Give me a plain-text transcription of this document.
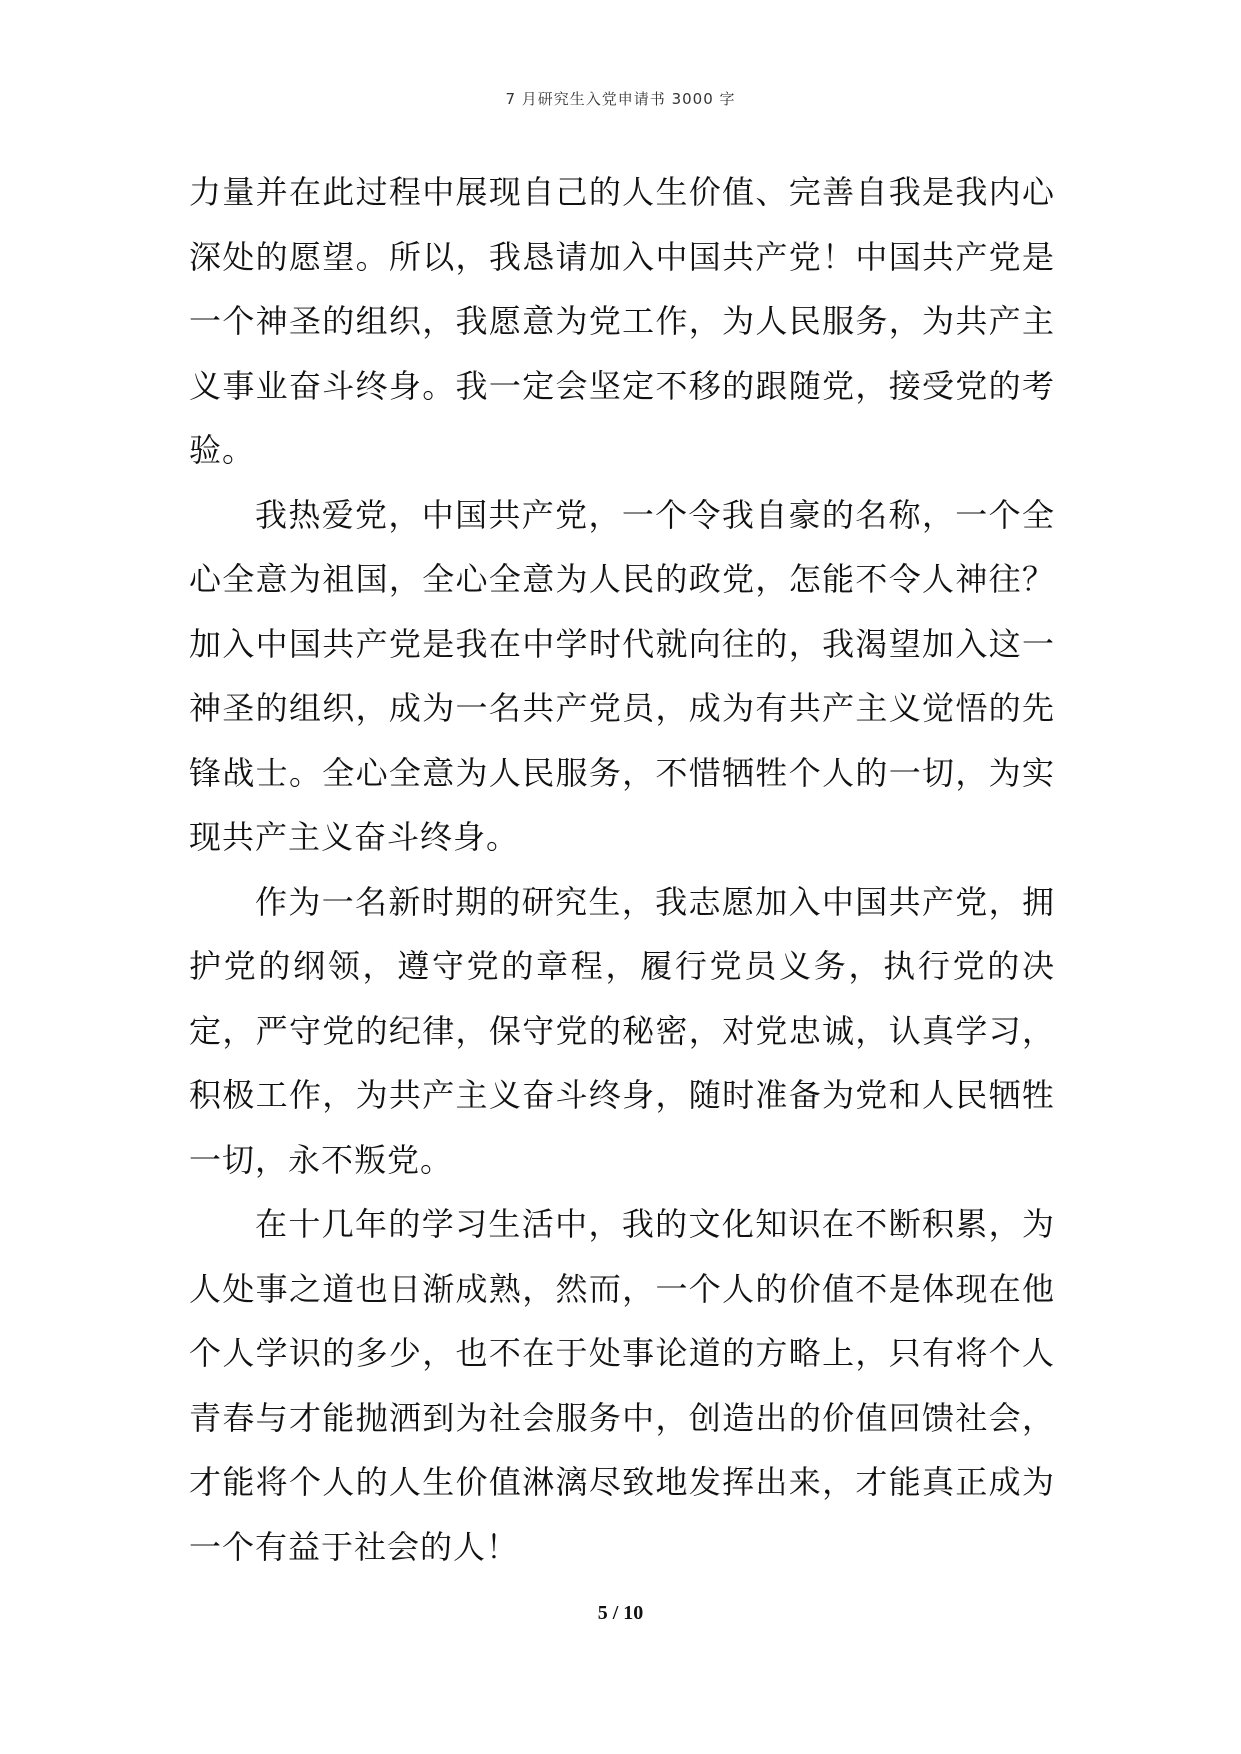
7 月研究生入党申请书 3000 字

力量并在此过程中展现自己的人生价值、完善自我是我内心深处的愿望。所以，我恳请加入中国共产党！中国共产党是一个神圣的组织，我愿意为党工作，为人民服务，为共产主义事业奋斗终身。我一定会坚定不移的跟随党，接受党的考验。

我热爱党，中国共产党，一个令我自豪的名称，一个全心全意为祖国，全心全意为人民的政党，怎能不令人神往？加入中国共产党是我在中学时代就向往的，我渴望加入这一神圣的组织，成为一名共产党员，成为有共产主义觉悟的先锋战士。全心全意为人民服务，不惜牺牲个人的一切，为实现共产主义奋斗终身。

作为一名新时期的研究生，我志愿加入中国共产党，拥护党的纲领，遵守党的章程，履行党员义务，执行党的决定，严守党的纪律，保守党的秘密，对党忠诚，认真学习，积极工作，为共产主义奋斗终身，随时准备为党和人民牺牲一切，永不叛党。

在十几年的学习生活中，我的文化知识在不断积累，为人处事之道也日渐成熟，然而，一个人的价值不是体现在他个人学识的多少，也不在于处事论道的方略上，只有将个人青春与才能抛洒到为社会服务中，创造出的价值回馈社会，才能将个人的人生价值淋漓尽致地发挥出来，才能真正成为一个有益于社会的人！

5 / 10
